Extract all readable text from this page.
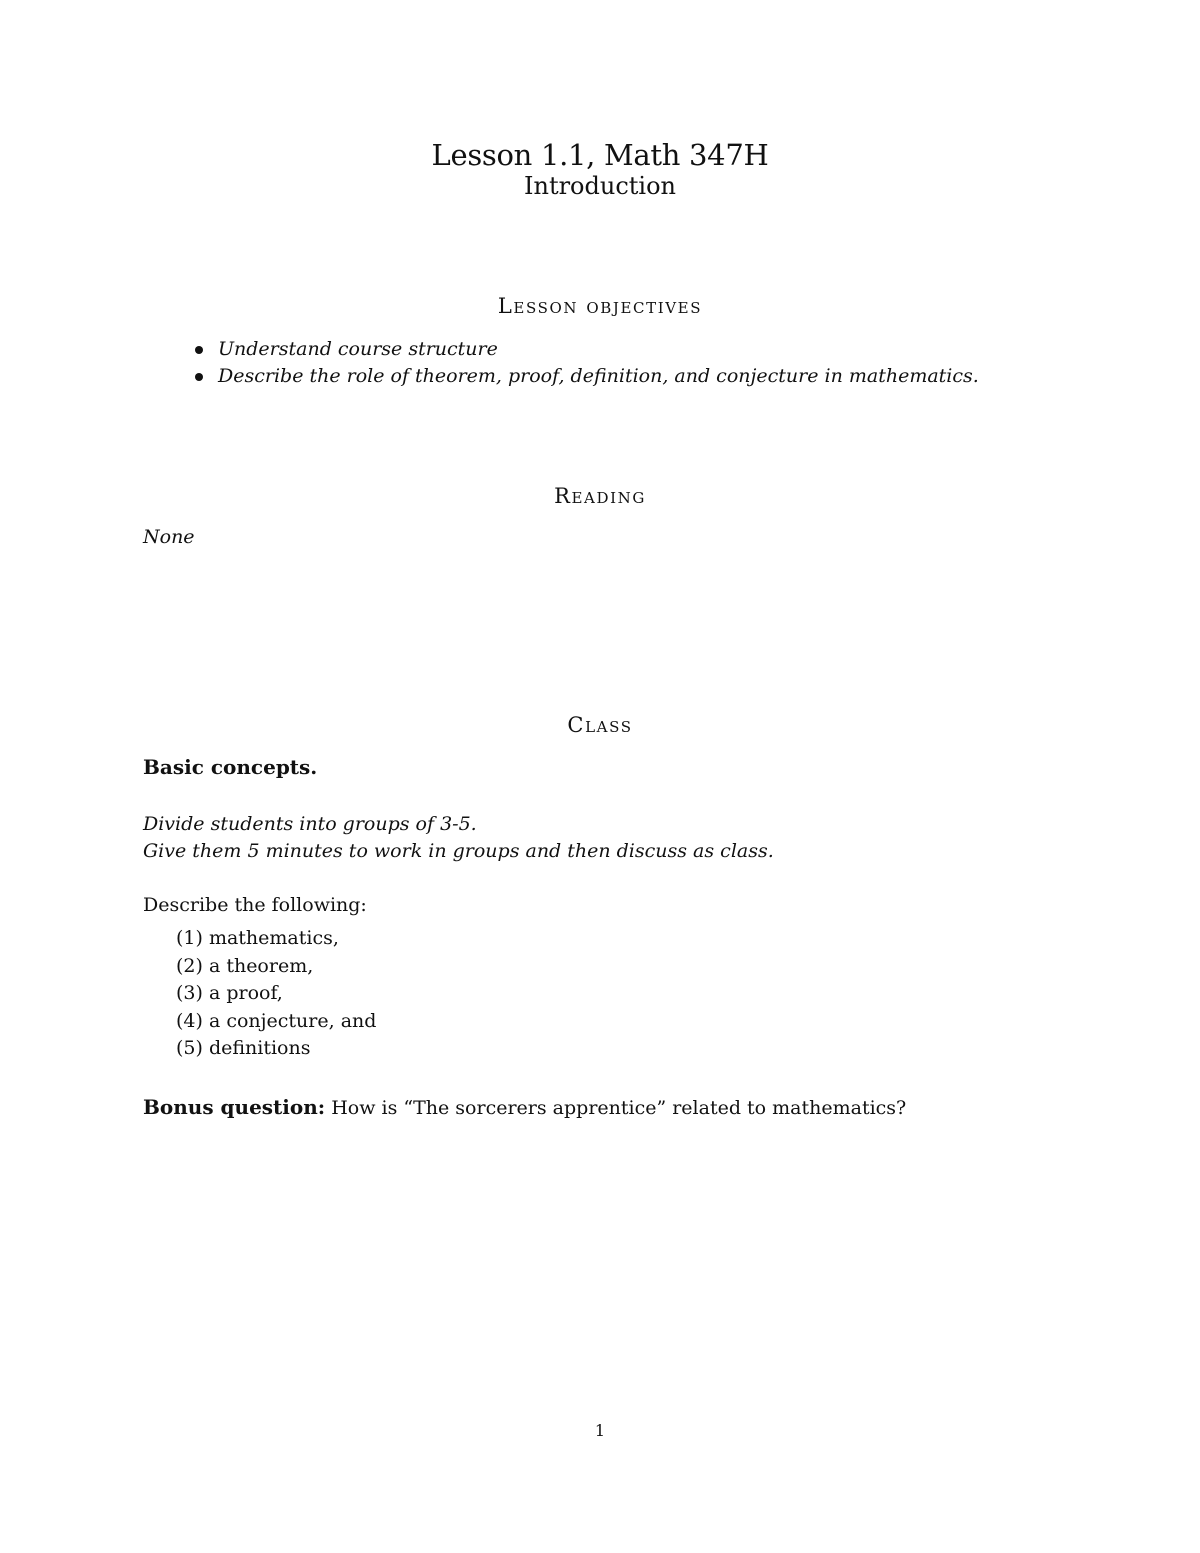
Lesson 1.1, Math 347H
Introduction
Lesson objectives
Understand course structure
Describe the role of theorem, proof, definition, and conjecture in mathematics.
Reading

None

Class

Basic concepts.

Divide students into groups of 3-5.
Give them 5 minutes to work in groups and then discuss as class.

Describe the following:

(1) mathematics,
(2) a theorem,
(3) a proof,
(4) a conjecture, and
(5) definitions

Bonus question: How is “The sorcerers apprentice” related to mathematics?

1
